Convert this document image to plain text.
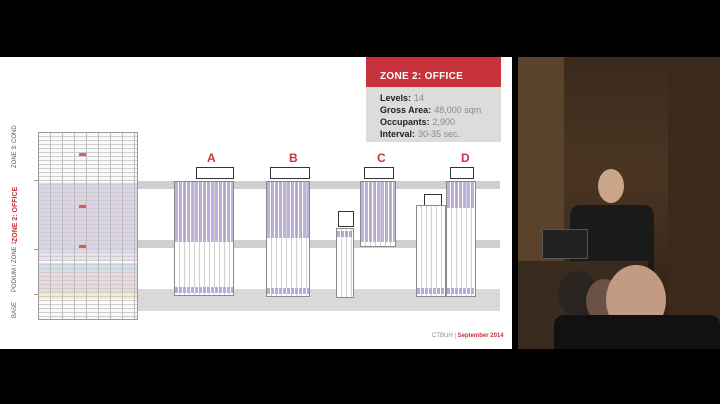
ZONE 3: COND
ZONE 2: OFFICE
PODIUM / ZONE 1
BASE
A	B	C	D
ZONE 2: OFFICE
Levels: 14
Gross Area: 48,000 sqm
Occupants: 2,900
Interval: 30-35 sec.
CTBUH | September 2014
